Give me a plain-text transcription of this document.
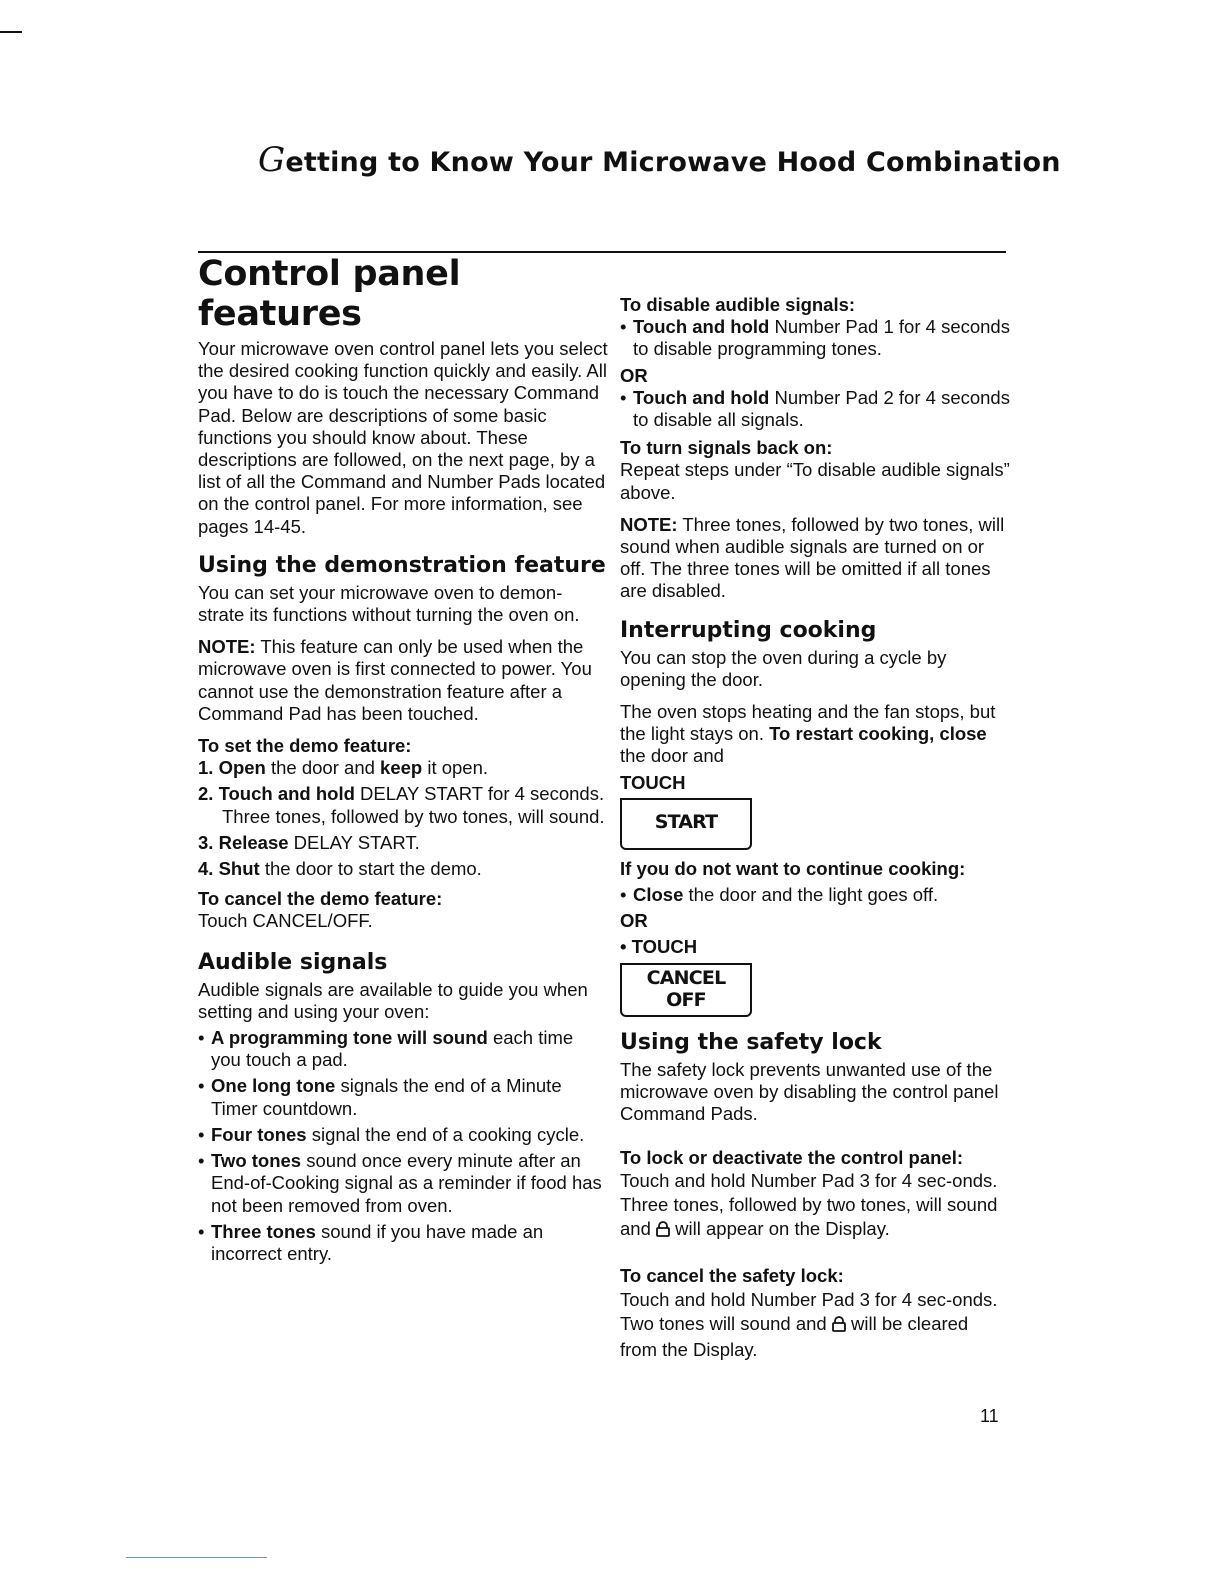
Getting to Know Your Microwave Hood Combination
Control panel features

Your microwave oven control panel lets you select the desired cooking function quickly and easily. All you have to do is touch the necessary Command Pad. Below are descriptions of some basic functions you should know about. These descriptions are followed, on the next page, by a list of all the Command and Number Pads located on the control panel. For more information, see pages 14-45.

Using the demonstration feature

You can set your microwave oven to demon-strate its functions without turning the oven on.

NOTE: This feature can only be used when the microwave oven is first connected to power. You cannot use the demonstration feature after a Command Pad has been touched.

To set the demo feature:
1. Open the door and keep it open.
2. Touch and hold DELAY START for 4 seconds. Three tones, followed by two tones, will sound.
3. Release DELAY START.
4. Shut the door to start the demo.
To cancel the demo feature:

Touch CANCEL/OFF.

Audible signals

Audible signals are available to guide you when setting and using your oven:

• A programming tone will sound each time you touch a pad.
• One long tone signals the end of a Minute Timer countdown.
• Four tones signal the end of a cooking cycle.
• Two tones sound once every minute after an End-of-Cooking signal as a reminder if food has not been removed from oven.
• Three tones sound if you have made an incorrect entry.
To disable audible signals:
• Touch and hold Number Pad 1 for 4 seconds to disable programming tones.
OR
• Touch and hold Number Pad 2 for 4 seconds to disable all signals.
To turn signals back on:

Repeat steps under “To disable audible signals” above.

NOTE: Three tones, followed by two tones, will sound when audible signals are turned on or off. The three tones will be omitted if all tones are disabled.

Interrupting cooking

You can stop the oven during a cycle by opening the door.

The oven stops heating and the fan stops, but the light stays on. To restart cooking, close the door and

TOUCH
START
If you do not want to continue cooking:
• Close the door and the light goes off.
OR
• TOUCH
CANCEL
OFF
Using the safety lock

The safety lock prevents unwanted use of the microwave oven by disabling the control panel Command Pads.

To lock or deactivate the control panel:

Touch and hold Number Pad 3 for 4 sec-onds. Three tones, followed by two tones, will sound and  will appear on the Display.

To cancel the safety lock:

Touch and hold Number Pad 3 for 4 sec-onds. Two tones will sound and  will be cleared from the Display.

11
